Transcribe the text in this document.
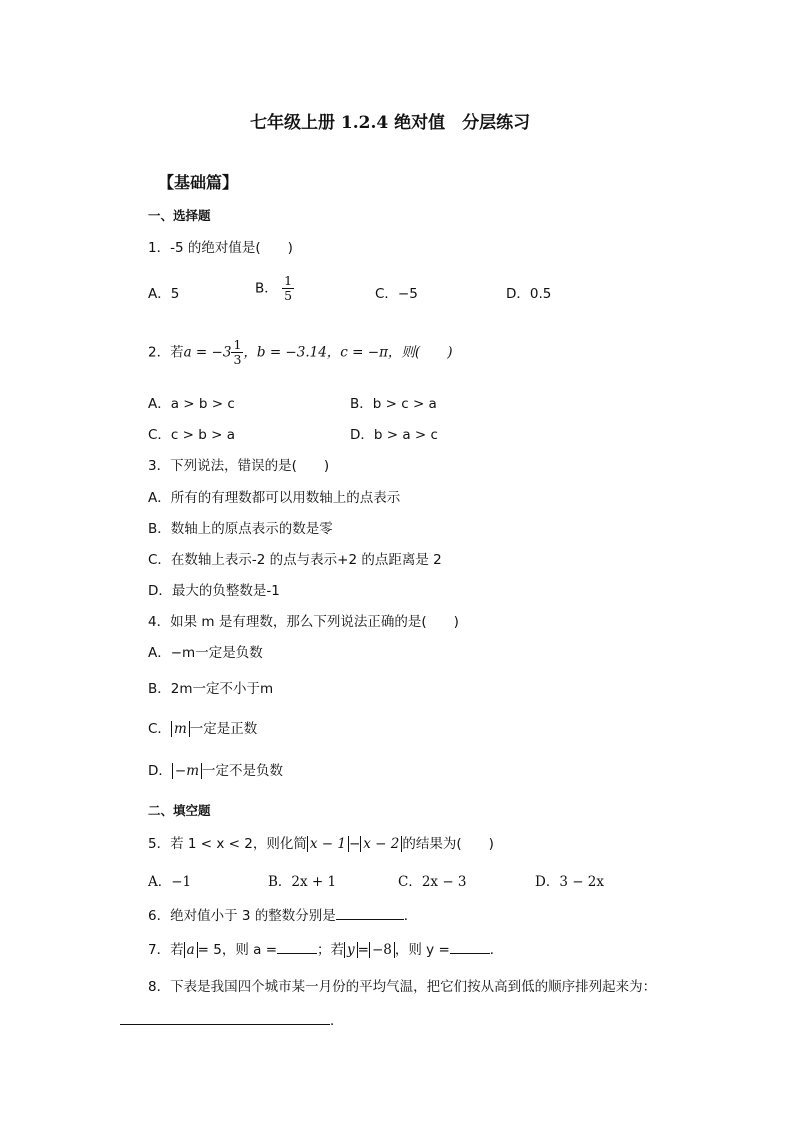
七年级上册 1.2.4 绝对值　分层练习
【基础篇】
一、选择题
1．-5 的绝对值是(　　)
A．5	B． $\frac{1}{5}$	C．−5	D．0.5
2．若$a = -3 \frac{1}{3}$ ，b = −3.14，c = −π，则(　　)
A．a > b > c	B．b > c > a
C．c > b > a	D．b > a > c
3．下列说法，错误的是(　　)
A．所有的有理数都可以用数轴上的点表示
B．数轴上的原点表示的数是零
C．在数轴上表示-2 的点与表示+2 的点距离是 2
D．最大的负整数是-1
4．如果 m 是有理数，那么下列说法正确的是(　　)
A．−m一定是负数
B．2m一定不小于m
C． m 一定是正数
D． −m 一定不是负数
二、填空题
5．若 1 < x < 2，则化简 x − 1 − x − 2 的结果为(　　)
A．−1	B．2x + 1	C．2x − 3	D．3 − 2x
6．绝对值小于 3 的整数分别是	．
7．若 a = 5，则 a =	；若 y = −8 ，则 y =	．
8．下表是我国四个城市某一月份的平均气温，把它们按从高到低的顺序排列起来为：
．
